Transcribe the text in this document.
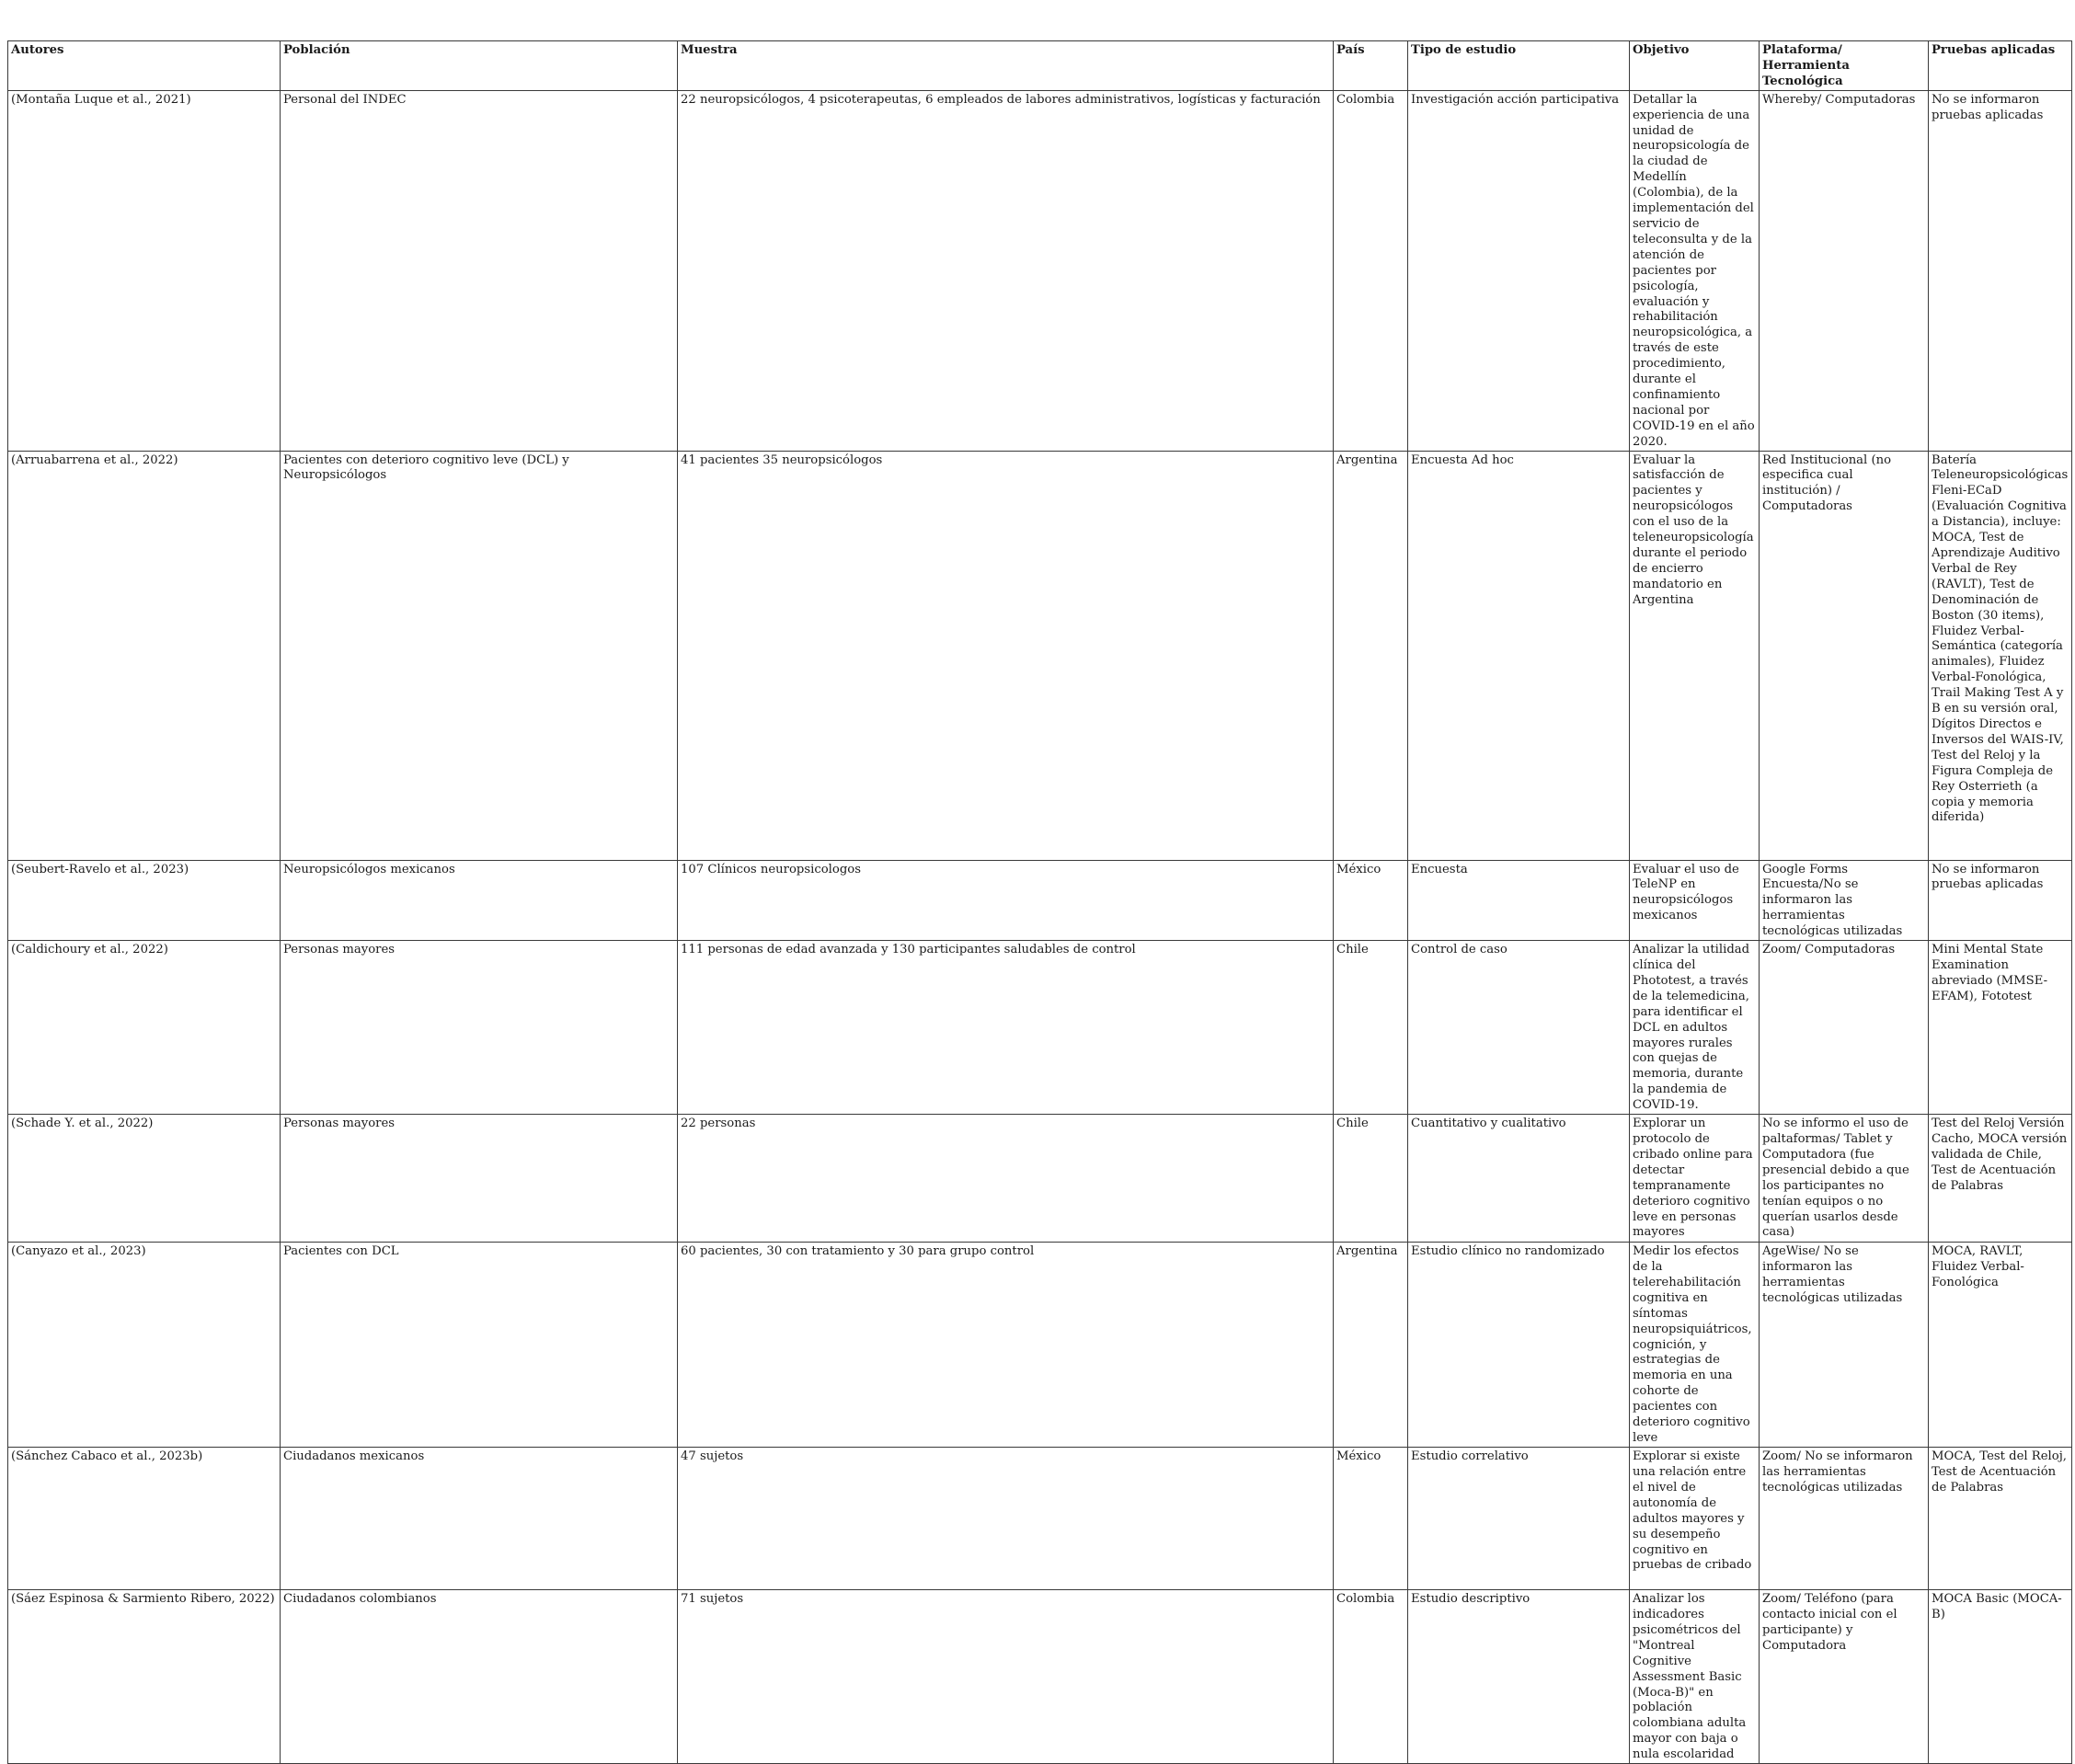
Autores	Población	Muestra	País	Tipo de estudio	Objetivo	Plataforma/ Herramienta Tecnológica	Pruebas aplicadas
(Montaña Luque et al., 2021)	Personal del INDEC	22 neuropsicólogos, 4 psicoterapeutas, 6 empleados de labores administrativos, logísticas y facturación	Colombia	Investigación acción participativa	Detallar la experiencia de una unidad de neuropsicología de la ciudad de Medellín (Colombia), de la implementación del servicio de teleconsulta y de la atención de pacientes por psicología, evaluación y rehabilitación neuropsicológica, a través de este procedimiento, durante el confinamiento nacional por COVID-19 en el año 2020.	Whereby/ Computadoras	No se informaron pruebas aplicadas
(Arruabarrena et al., 2022)	Pacientes con deterioro cognitivo leve (DCL) y Neuropsicólogos	41 pacientes 35 neuropsicólogos	Argentina	Encuesta Ad hoc	Evaluar la satisfacción de pacientes y neuropsicólogos con el uso de la teleneuropsicología durante el periodo de encierro mandatorio en Argentina	Red Institucional (no especifica cual institución) / Computadoras	Batería Teleneuropsicológicas Fleni-ECaD (Evaluación Cognitiva a Distancia), incluye: MOCA, Test de Aprendizaje Auditivo Verbal de Rey (RAVLT), Test de Denominación de Boston (30 items), Fluidez Verbal-Semántica (categoría animales), Fluidez Verbal-Fonológica, Trail Making Test A y B en su versión oral, Dígitos Directos e Inversos del WAIS-IV, Test del Reloj y la Figura Compleja de Rey Osterrieth (a copia y memoria diferida)
(Seubert-Ravelo et al., 2023)	Neuropsicólogos mexicanos	107 Clínicos neuropsicologos	México	Encuesta	Evaluar el uso de TeleNP en neuropsicólogos mexicanos	Google Forms Encuesta/No se informaron las herramientas tecnológicas utilizadas	No se informaron pruebas aplicadas
(Caldichoury et al., 2022)	Personas mayores	111 personas de edad avanzada y 130 participantes saludables de control	Chile	Control de caso	Analizar la utilidad clínica del Phototest, a través de la telemedicina, para identificar el DCL en adultos mayores rurales con quejas de memoria, durante la pandemia de COVID-19.	Zoom/ Computadoras	Mini Mental State Examination abreviado (MMSE-EFAM), Fototest
(Schade Y. et al., 2022)	Personas mayores	22 personas	Chile	Cuantitativo y cualitativo	Explorar un protocolo de cribado online para detectar tempranamente deterioro cognitivo leve en personas mayores	No se informo el uso de paltaformas/ Tablet y Computadora (fue presencial debido a que los participantes no tenían equipos o no querían usarlos desde casa)	Test del Reloj Versión Cacho, MOCA versión validada de Chile, Test de Acentuación de Palabras
(Canyazo et al., 2023)	Pacientes con DCL	60 pacientes, 30 con tratamiento y 30 para grupo control	Argentina	Estudio clínico no randomizado	Medir los efectos de la telerehabilitación cognitiva en síntomas neuropsiquiátricos, cognición, y estrategias de memoria en una cohorte de pacientes con deterioro cognitivo leve	AgeWise/ No se informaron las herramientas tecnológicas utilizadas	MOCA, RAVLT, Fluidez Verbal-Fonológica
(Sánchez Cabaco et al., 2023b)	Ciudadanos mexicanos	47 sujetos	México	Estudio correlativo	Explorar si existe una relación entre el nivel de autonomía de adultos mayores y su desempeño cognitivo en pruebas de cribado	Zoom/ No se informaron las herramientas tecnológicas utilizadas	MOCA, Test del Reloj, Test de Acentuación de Palabras
(Sáez Espinosa & Sarmiento Ribero, 2022)	Ciudadanos colombianos	71 sujetos	Colombia	Estudio descriptivo	Analizar los indicadores psicométricos del "Montreal Cognitive Assessment Basic (Moca-B)" en población colombiana adulta mayor con baja o nula escolaridad	Zoom/ Teléfono (para contacto inicial con el participante) y Computadora	MOCA Basic (MOCA-B)
